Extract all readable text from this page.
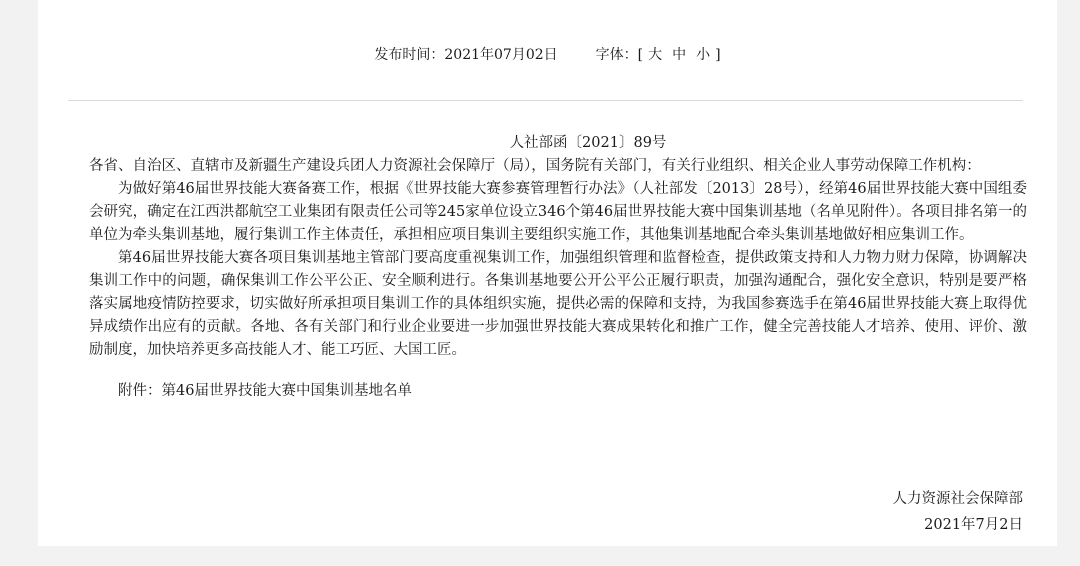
发布时间：2021年07月02日	字体：[ 大 中 小 ]

人社部函〔2021〕89号

各省、自治区、直辖市及新疆生产建设兵团人力资源社会保障厅（局），国务院有关部门，有关行业组织、相关企业人事劳动保障工作机构：

为做好第46届世界技能大赛备赛工作，根据《世界技能大赛参赛管理暂行办法》（人社部发〔2013〕28号），经第46届世界技能大赛中国组委会研究，确定在江西洪都航空工业集团有限责任公司等245家单位设立346个第46届世界技能大赛中国集训基地（名单见附件）。各项目排名第一的单位为牵头集训基地，履行集训工作主体责任，承担相应项目集训主要组织实施工作，其他集训基地配合牵头集训基地做好相应集训工作。

第46届世界技能大赛各项目集训基地主管部门要高度重视集训工作，加强组织管理和监督检查，提供政策支持和人力物力财力保障，协调解决集训工作中的问题，确保集训工作公平公正、安全顺利进行。各集训基地要公开公平公正履行职责，加强沟通配合，强化安全意识，特别是要严格落实属地疫情防控要求，切实做好所承担项目集训工作的具体组织实施，提供必需的保障和支持，为我国参赛选手在第46届世界技能大赛上取得优异成绩作出应有的贡献。各地、各有关部门和行业企业要进一步加强世界技能大赛成果转化和推广工作，健全完善技能人才培养、使用、评价、激励制度，加快培养更多高技能人才、能工巧匠、大国工匠。

附件：第46届世界技能大赛中国集训基地名单

人力资源社会保障部
2021年7月2日
